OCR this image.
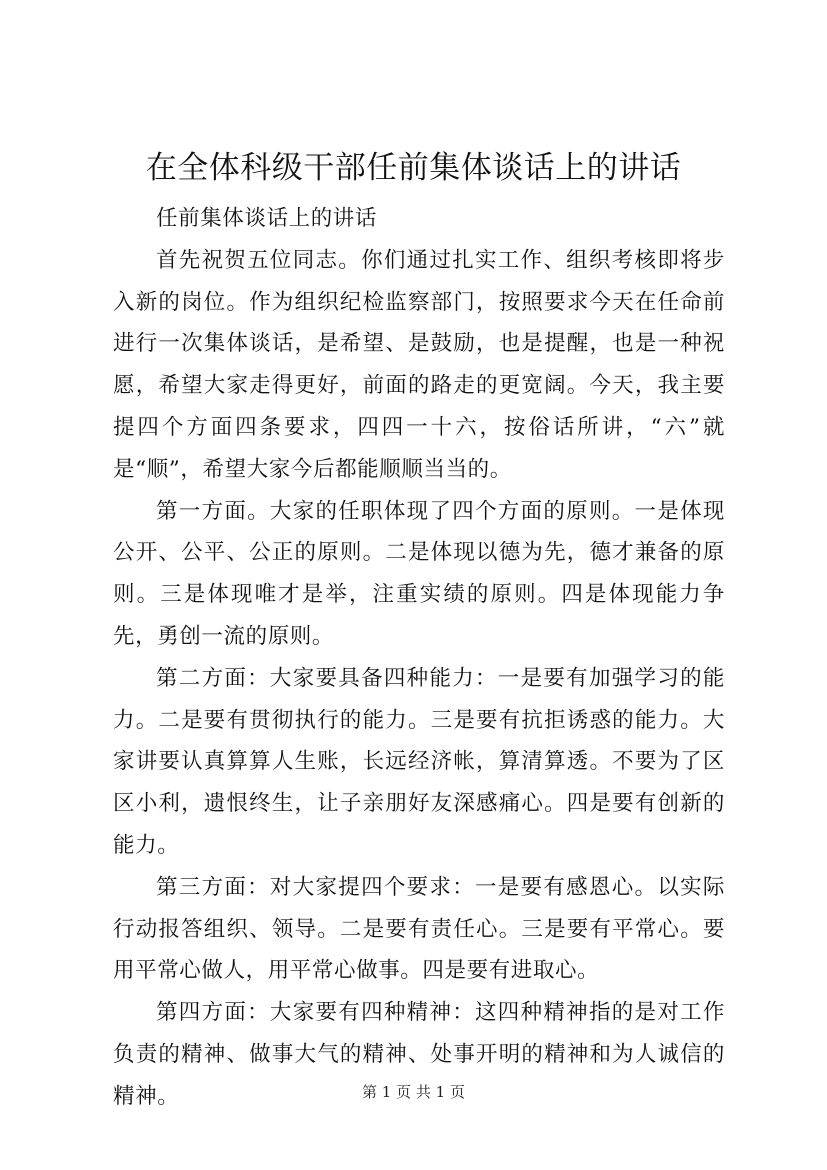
在全体科级干部任前集体谈话上的讲话

任前集体谈话上的讲话

首先祝贺五位同志。你们通过扎实工作、组织考核即将步入新的岗位。作为组织纪检监察部门，按照要求今天在任命前进行一次集体谈话，是希望、是鼓励，也是提醒，也是一种祝愿，希望大家走得更好，前面的路走的更宽阔。今天，我主要提四个方面四条要求，四四一十六，按俗话所讲，“六”就是“顺”，希望大家今后都能顺顺当当的。

第一方面。大家的任职体现了四个方面的原则。一是体现公开、公平、公正的原则。二是体现以德为先，德才兼备的原则。三是体现唯才是举，注重实绩的原则。四是体现能力争先，勇创一流的原则。

第二方面：大家要具备四种能力：一是要有加强学习的能力。二是要有贯彻执行的能力。三是要有抗拒诱惑的能力。大家讲要认真算算人生账，长远经济帐，算清算透。不要为了区区小利，遗恨终生，让子亲朋好友深感痛心。四是要有创新的能力。

第三方面：对大家提四个要求：一是要有感恩心。以实际行动报答组织、领导。二是要有责任心。三是要有平常心。要用平常心做人，用平常心做事。四是要有进取心。

第四方面：大家要有四种精神：这四种精神指的是对工作负责的精神、做事大气的精神、处事开明的精神和为人诚信的精神。	第 1 页 共 1 页
